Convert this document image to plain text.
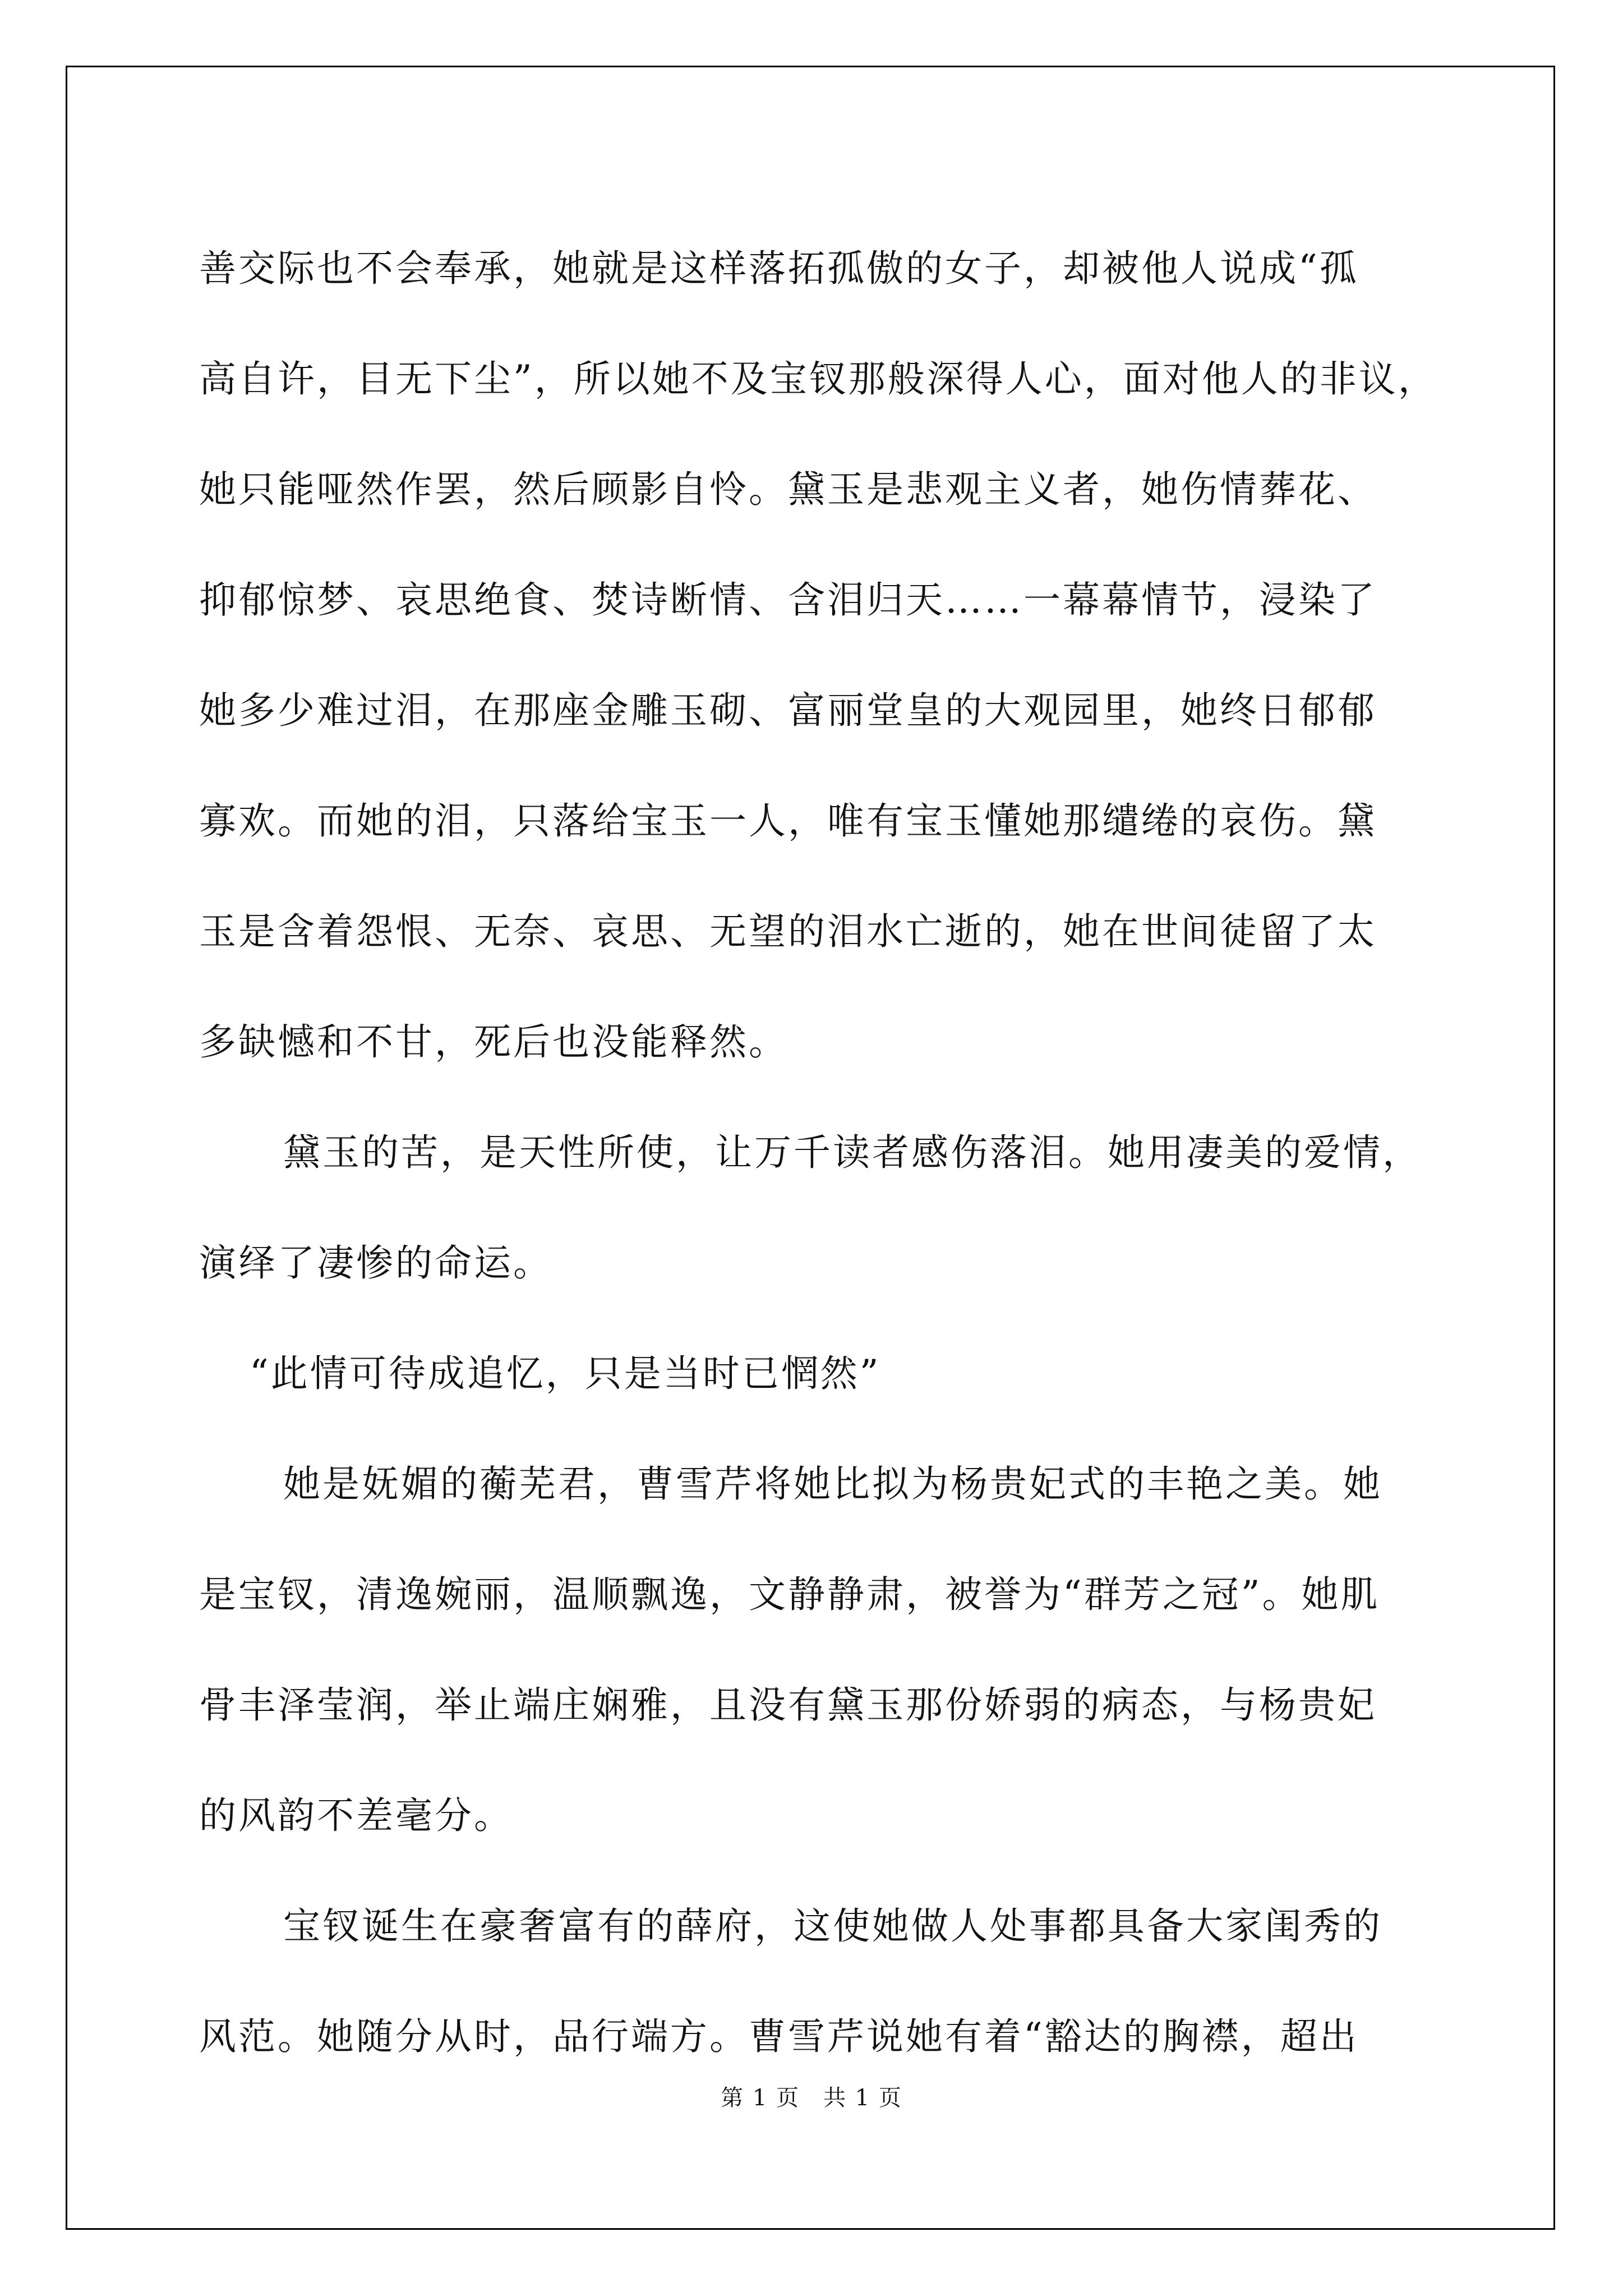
善交际也不会奉承，她就是这样落拓孤傲的女子，却被他人说成“孤
高自许，目无下尘”，所以她不及宝钗那般深得人心，面对他人的非议，
她只能哑然作罢，然后顾影自怜。黛玉是悲观主义者，她伤情葬花、
抑郁惊梦、哀思绝食、焚诗断情、含泪归天……一幕幕情节，浸染了
她多少难过泪，在那座金雕玉砌、富丽堂皇的大观园里，她终日郁郁
寡欢。而她的泪，只落给宝玉一人，唯有宝玉懂她那缱绻的哀伤。黛
玉是含着怨恨、无奈、哀思、无望的泪水亡逝的，她在世间徒留了太
多缺憾和不甘，死后也没能释然。
黛玉的苦，是天性所使，让万千读者感伤落泪。她用凄美的爱情，
演绎了凄惨的命运。
“此情可待成追忆，只是当时已惘然”
她是妩媚的蘅芜君，曹雪芹将她比拟为杨贵妃式的丰艳之美。她
是宝钗，清逸婉丽，温顺飘逸，文静静肃，被誉为“群芳之冠”。她肌
骨丰泽莹润，举止端庄娴雅，且没有黛玉那份娇弱的病态，与杨贵妃
的风韵不差毫分。
宝钗诞生在豪奢富有的薛府，这使她做人处事都具备大家闺秀的
风范。她随分从时，品行端方。曹雪芹说她有着“豁达的胸襟，超出
第 1 页　共 1 页
